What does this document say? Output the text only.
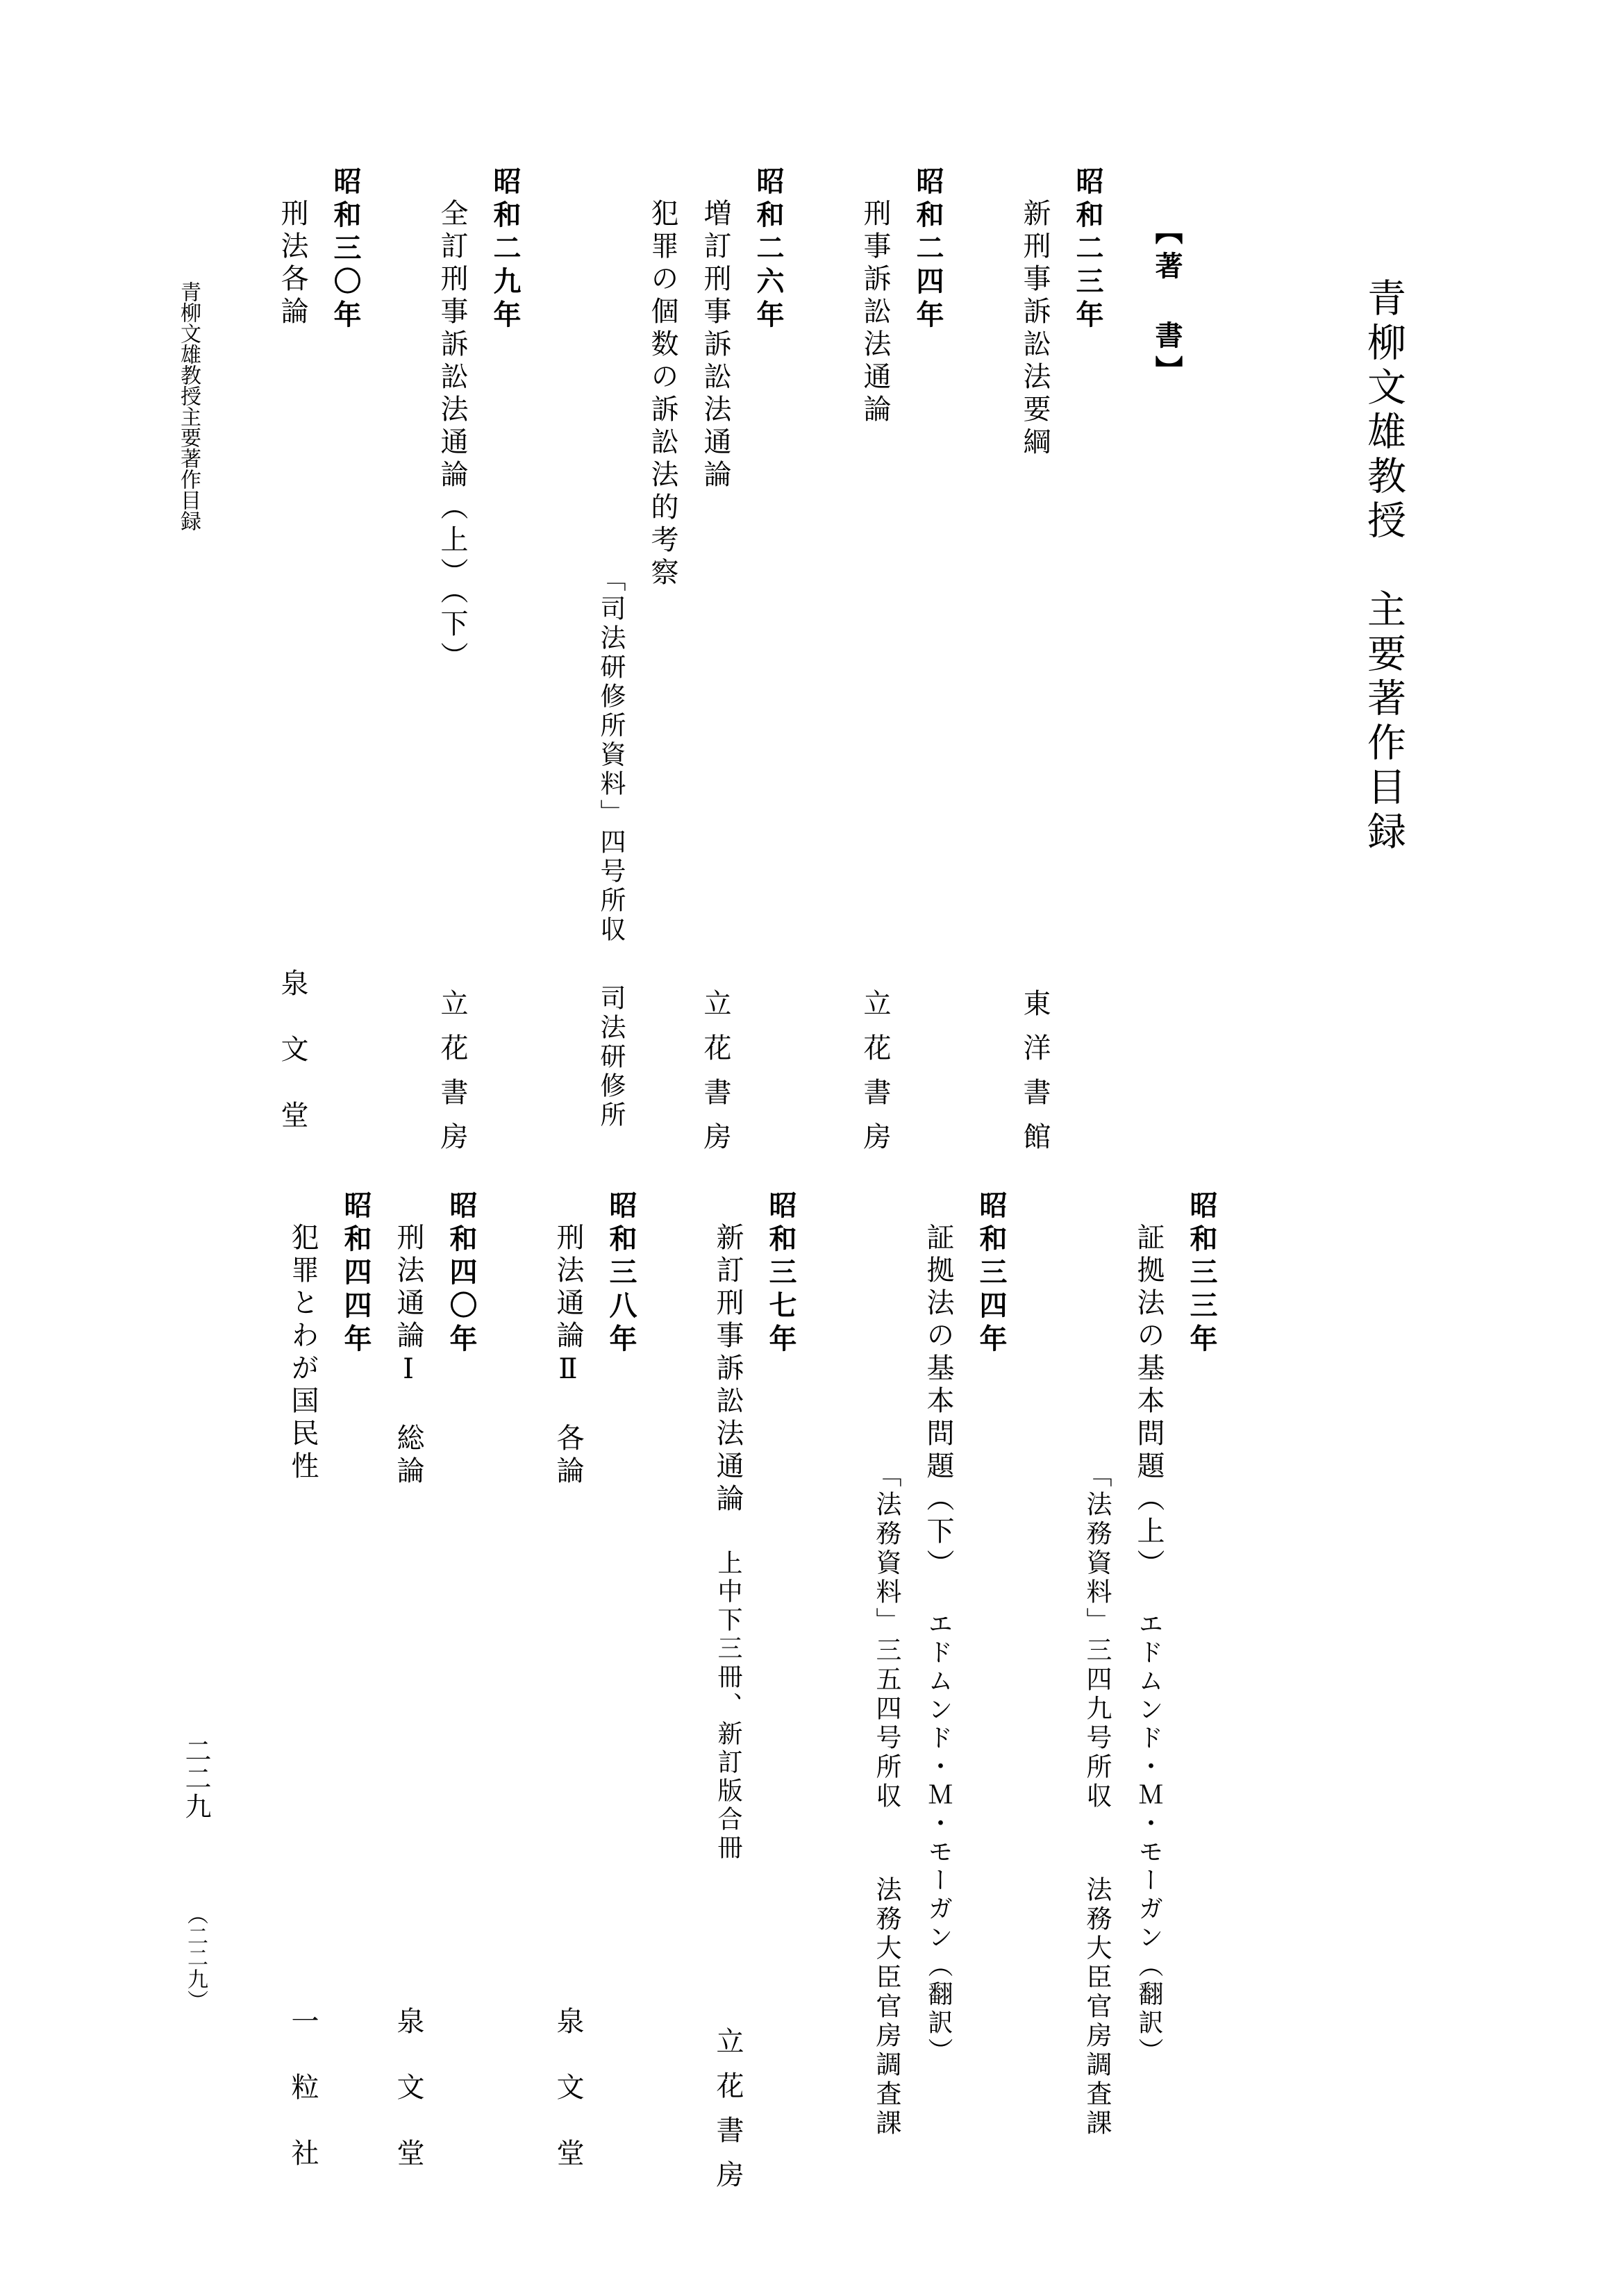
青柳文雄教授　主要著作目録
【著　書】
昭和二三年
新刑事訴訟法要綱
東洋書館
昭和二四年
刑事訴訟法通論
立花書房
昭和二六年
増訂刑事訴訟法通論
立花書房
犯罪の個数の訴訟法的考察
「司法研修所資料」四号所収
司法研修所
昭和二九年
全訂刑事訴訟法通論（上）（下）
立花書房
昭和三〇年
刑法各論
泉文堂
昭和三三年
証拠法の基本問題（上）エドムンド・Ｍ・モーガン（翻訳）
「法務資料」三四九号所収
法務大臣官房調査課
昭和三四年
証拠法の基本問題（下）エドムンド・Ｍ・モーガン（翻訳）
「法務資料」三五四号所収
法務大臣官房調査課
昭和三七年
新訂刑事訴訟法通論上中下三冊、新訂版合冊
立花書房
昭和三八年
刑法通論Ⅱ各論
泉文堂
昭和四〇年
刑法通論Ⅰ総論
泉文堂
昭和四四年
犯罪とわが国民性
一粒社
青柳文雄教授主要著作目録
二二九
（二二九）
